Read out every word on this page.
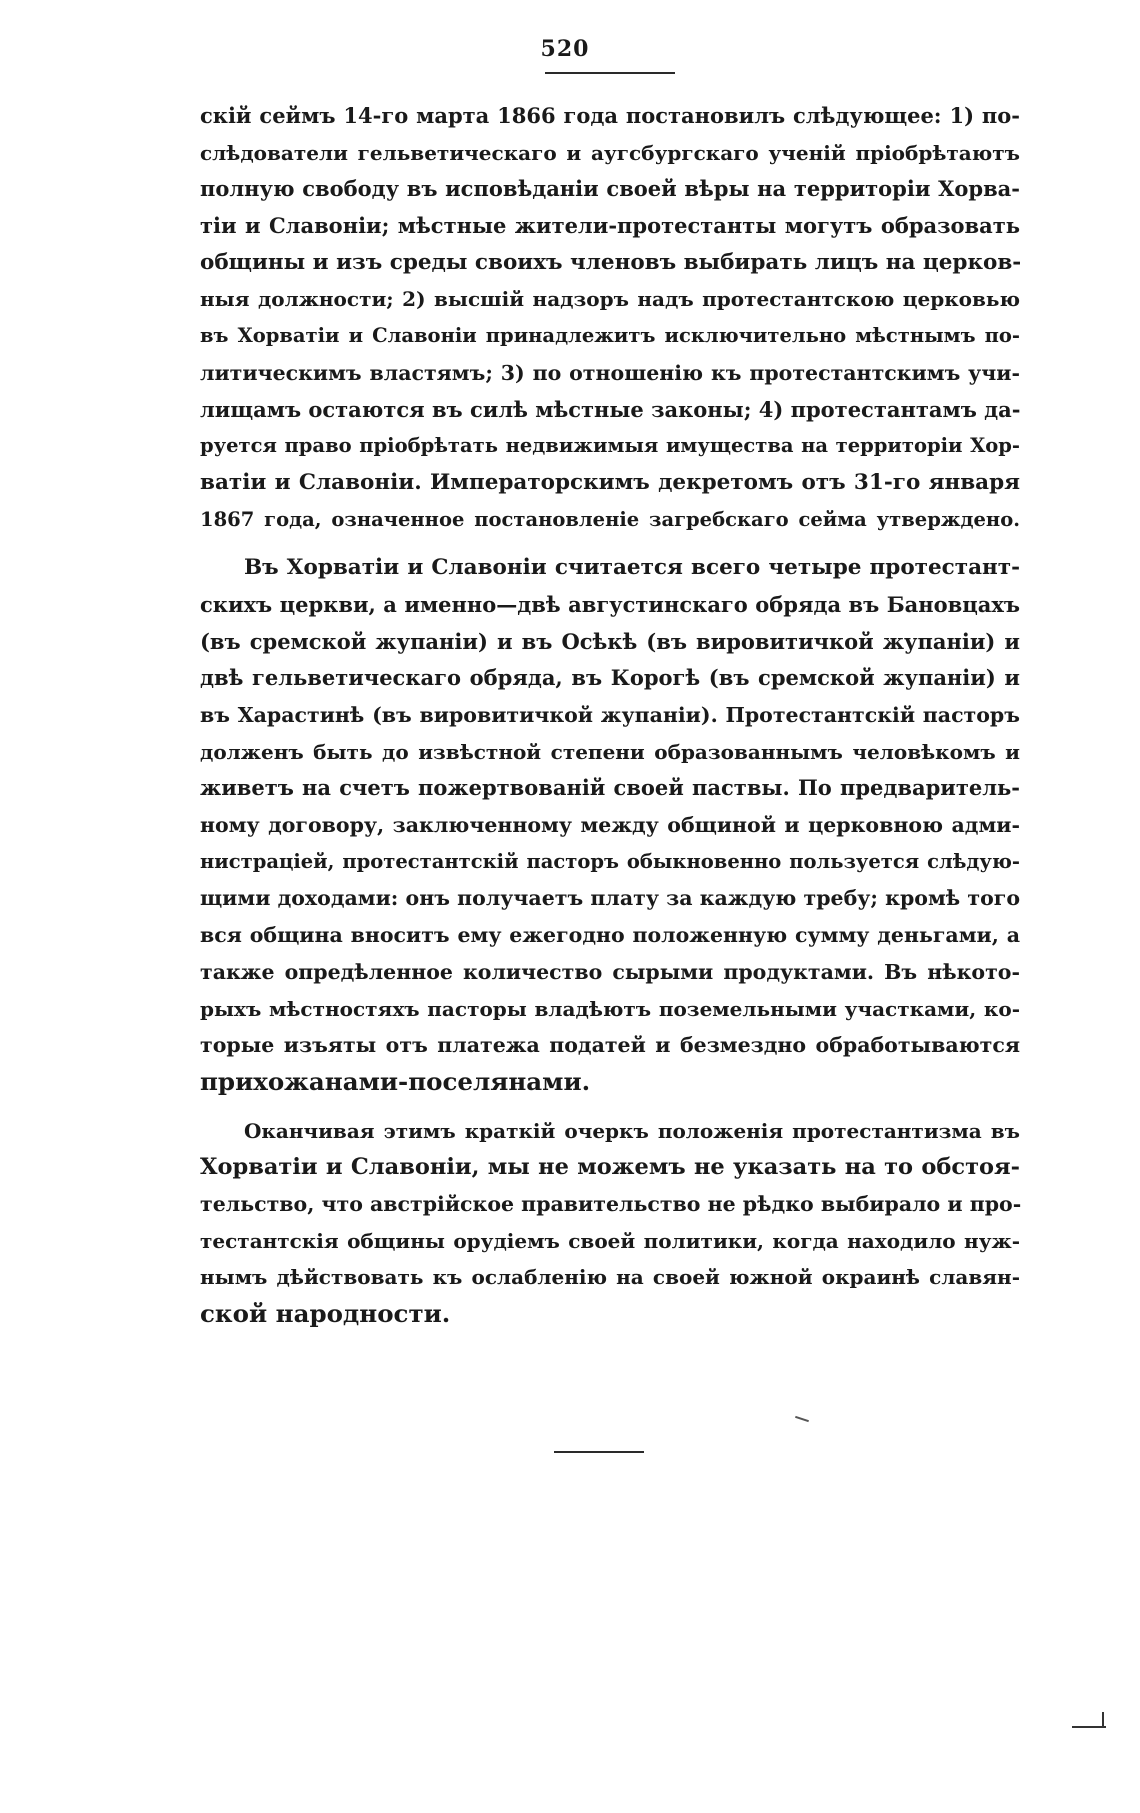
520
скій сеймъ 14-го марта 1866 года постановилъ слѣдующее: 1) по-
слѣдователи гельветическаго и аугсбургскаго ученій пріобрѣтаютъ
полную свободу въ исповѣданіи своей вѣры на территоріи Хорва-
тіи и Славоніи; мѣстные жители-протестанты могутъ образовать
общины и изъ среды своихъ членовъ выбирать лицъ на церков-
ныя должности; 2) высшій надзоръ надъ протестантскою церковью
въ Хорватіи и Славоніи принадлежитъ исключительно мѣстнымъ по-
литическимъ властямъ; 3) по отношенію къ протестантскимъ учи-
лищамъ остаются въ силѣ мѣстные законы; 4) протестантамъ да-
руется право пріобрѣтать недвижимыя имущества на территоріи Хор-
ватіи и Славоніи. Императорскимъ декретомъ отъ 31-го января
1867 года, означенное постановленіе загребскаго сейма утверждено.
Въ Хорватіи и Славоніи считается всего четыре протестант-
скихъ церкви, а именно—двѣ августинскаго обряда въ Бановцахъ
(въ сремской жупаніи) и въ Осѣкѣ (въ вировитичкой жупаніи) и
двѣ гельветическаго обряда, въ Корогѣ (въ сремской жупаніи) и
въ Харастинѣ (въ вировитичкой жупаніи). Протестантскій пасторъ
долженъ быть до извѣстной степени образованнымъ человѣкомъ и
живетъ на счетъ пожертвованій своей паствы. По предваритель-
ному договору, заключенному между общиной и церковною адми-
нистраціей, протестантскій пасторъ обыкновенно пользуется слѣдую-
щими доходами: онъ получаетъ плату за каждую требу; кромѣ того
вся община вноситъ ему ежегодно положенную сумму деньгами, а
также опредѣленное количество сырыми продуктами. Въ нѣкото-
рыхъ мѣстностяхъ пасторы владѣютъ поземельными участками, ко-
торые изъяты отъ платежа податей и безмездно обработываются
прихожанами-поселянами.
Оканчивая этимъ краткій очеркъ положенія протестантизма въ
Хорватіи и Славоніи, мы не можемъ не указать на то обстоя-
тельство, что австрійское правительство не рѣдко выбирало и про-
тестантскія общины орудіемъ своей политики, когда находило нуж-
нымъ дѣйствовать къ ослабленію на своей южной окраинѣ славян-
ской народности.
